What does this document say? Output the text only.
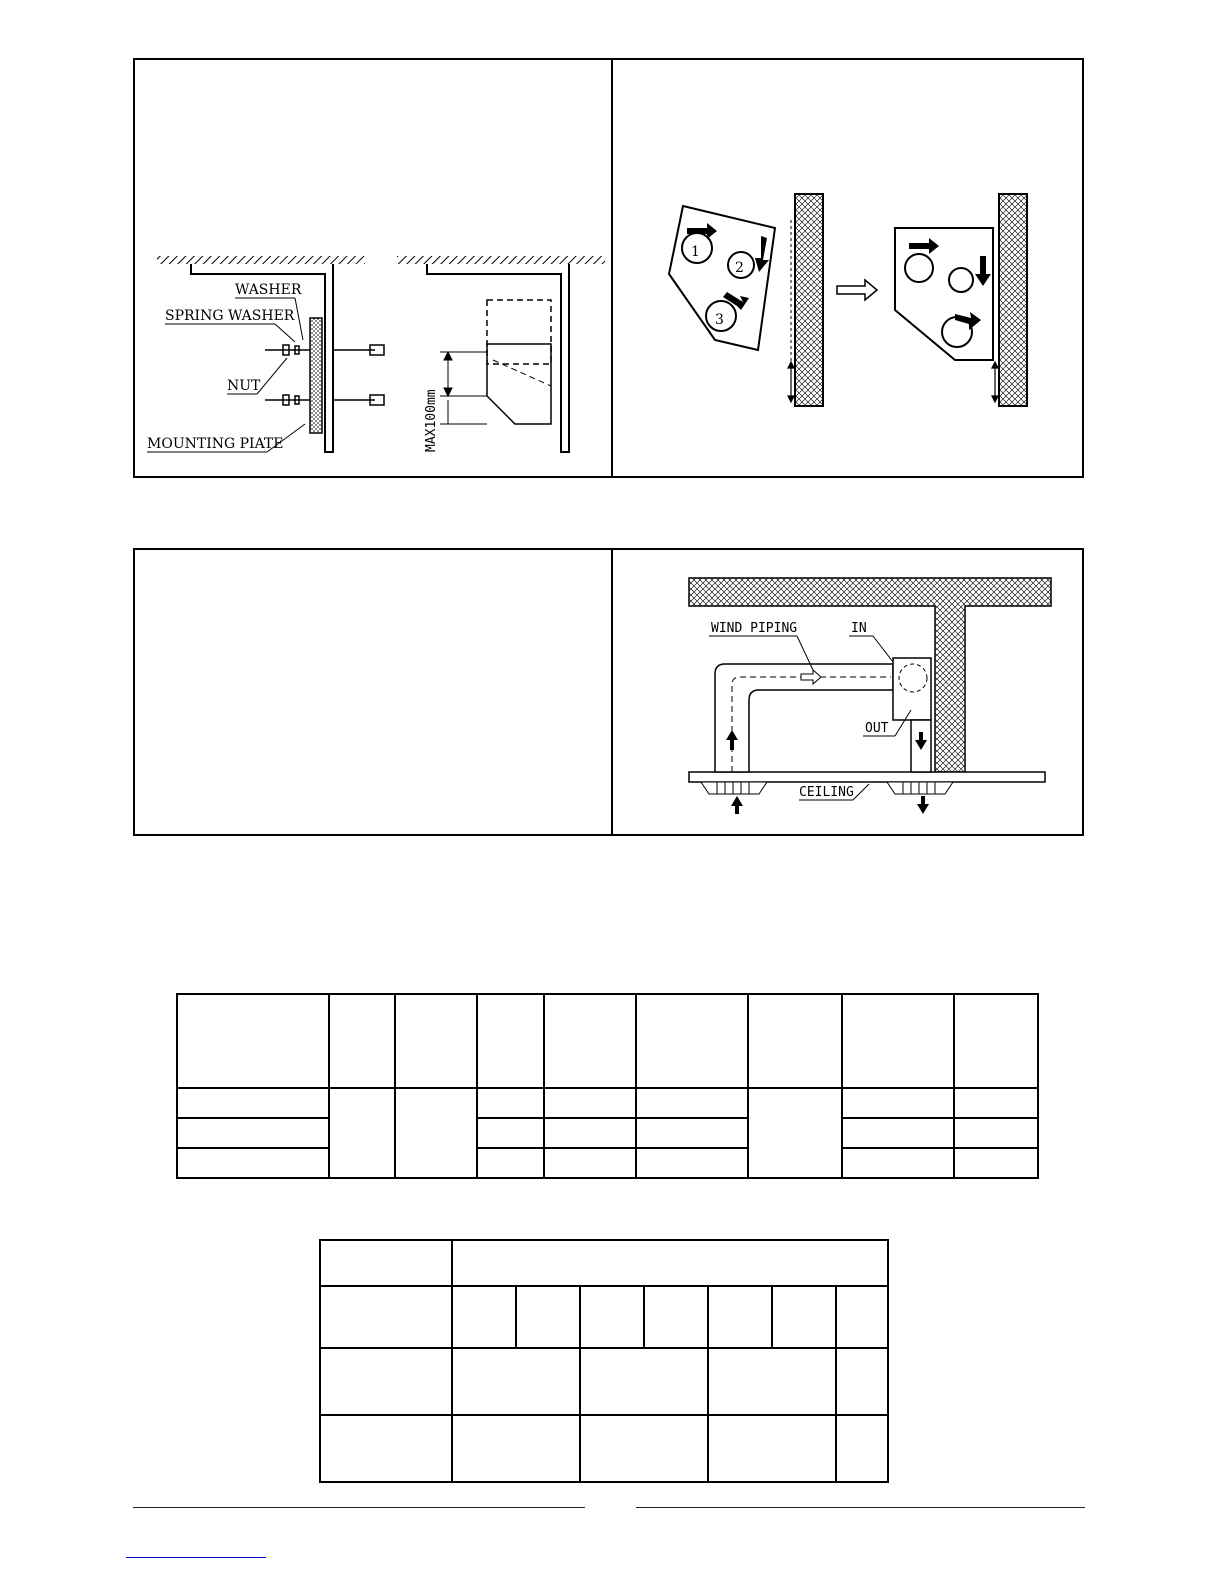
WASHER
SPRING WASHER
NUT
MOUNTING PIATE	MAX100mm
1
2
3
WIND PIPING	IN
OUT
CEILING
